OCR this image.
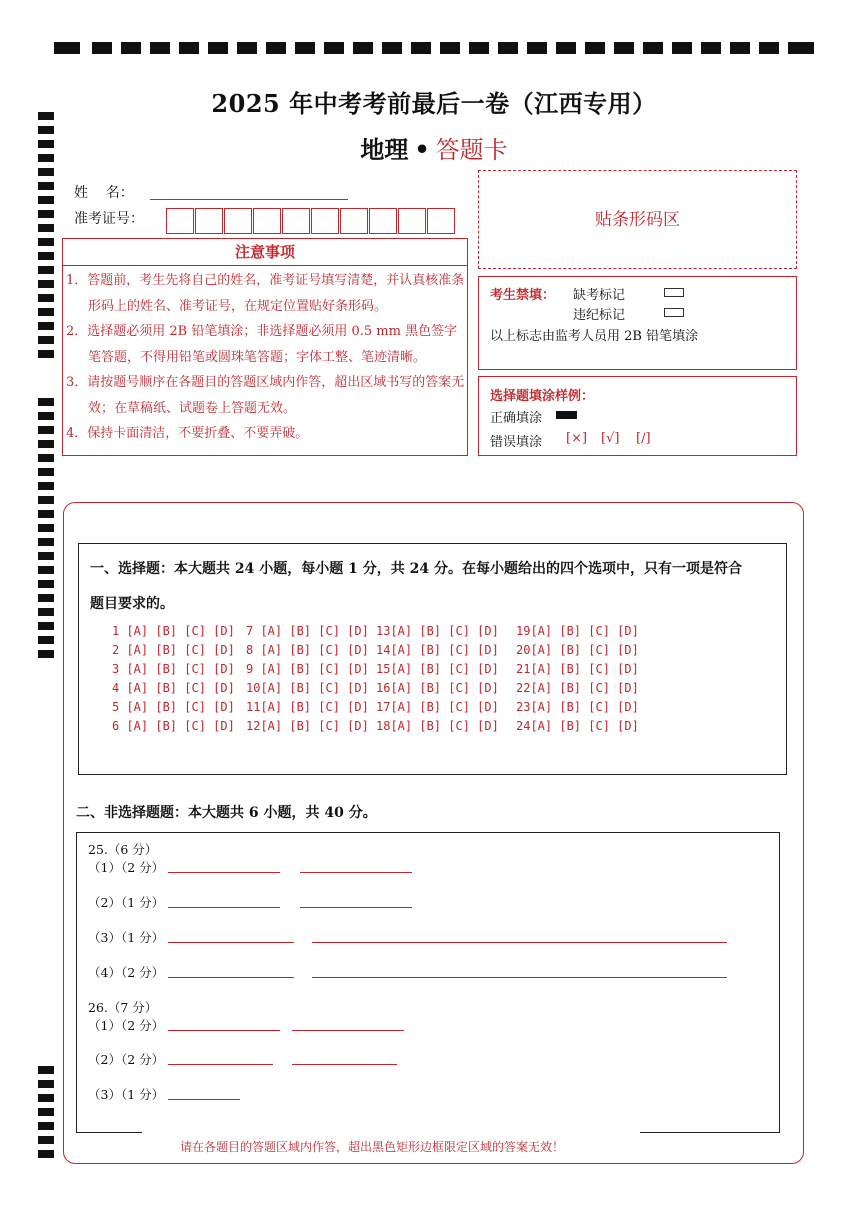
2025 年中考考前最后一卷（江西专用）
地理 • 答题卡
姓    名：
准考证号：	贴条形码区
注意事项
1．答题前，考生先将自己的姓名，准考证号填写清楚，并认真核准条形码上的姓名、准考证号，在规定位置贴好条形码。
2．选择题必须用 2B 铅笔填涂；非选择题必须用 0.5 mm 黑色签字笔答题，不得用铅笔或圆珠笔答题；字体工整、笔迹清晰。
3．请按题号顺序在各题目的答题区域内作答，超出区域书写的答案无效；在草稿纸、试题卷上答题无效。
4．保持卡面清洁，不要折叠、不要弄破。
考生禁填： 缺考标记
违纪标记
以上标志由监考人员用 2B 铅笔填涂
选择题填涂样例：
正确填涂
错误填涂 [×] [√] [/]
一、选择题：本大题共 24 小题，每小题 1 分，共 24 分。在每小题给出的四个选项中，只有一项是符合
题目要求的。
1 [A] [B] [C] [D]
2 [A] [B] [C] [D]
3 [A] [B] [C] [D]
4 [A] [B] [C] [D]
5 [A] [B] [C] [D]
6 [A] [B] [C] [D]
7 [A] [B] [C] [D]
8 [A] [B] [C] [D]
9 [A] [B] [C] [D]
10[A] [B] [C] [D]
11[A] [B] [C] [D]
12[A] [B] [C] [D]
13[A] [B] [C] [D]
14[A] [B] [C] [D]
15[A] [B] [C] [D]
16[A] [B] [C] [D]
17[A] [B] [C] [D]
18[A] [B] [C] [D]
19[A] [B] [C] [D]
20[A] [B] [C] [D]
21[A] [B] [C] [D]
22[A] [B] [C] [D]
23[A] [B] [C] [D]
24[A] [B] [C] [D]
二、非选择题题：本大题共 6 小题，共 40 分。
25.（6 分）
（1）（2 分）
（2）（1 分）
（3）（1 分）
（4）（2 分）
26.（7 分）
（1）（2 分）
（2）（2 分）
（3）（1 分）
请在各题目的答题区域内作答，超出黑色矩形边框限定区域的答案无效！
